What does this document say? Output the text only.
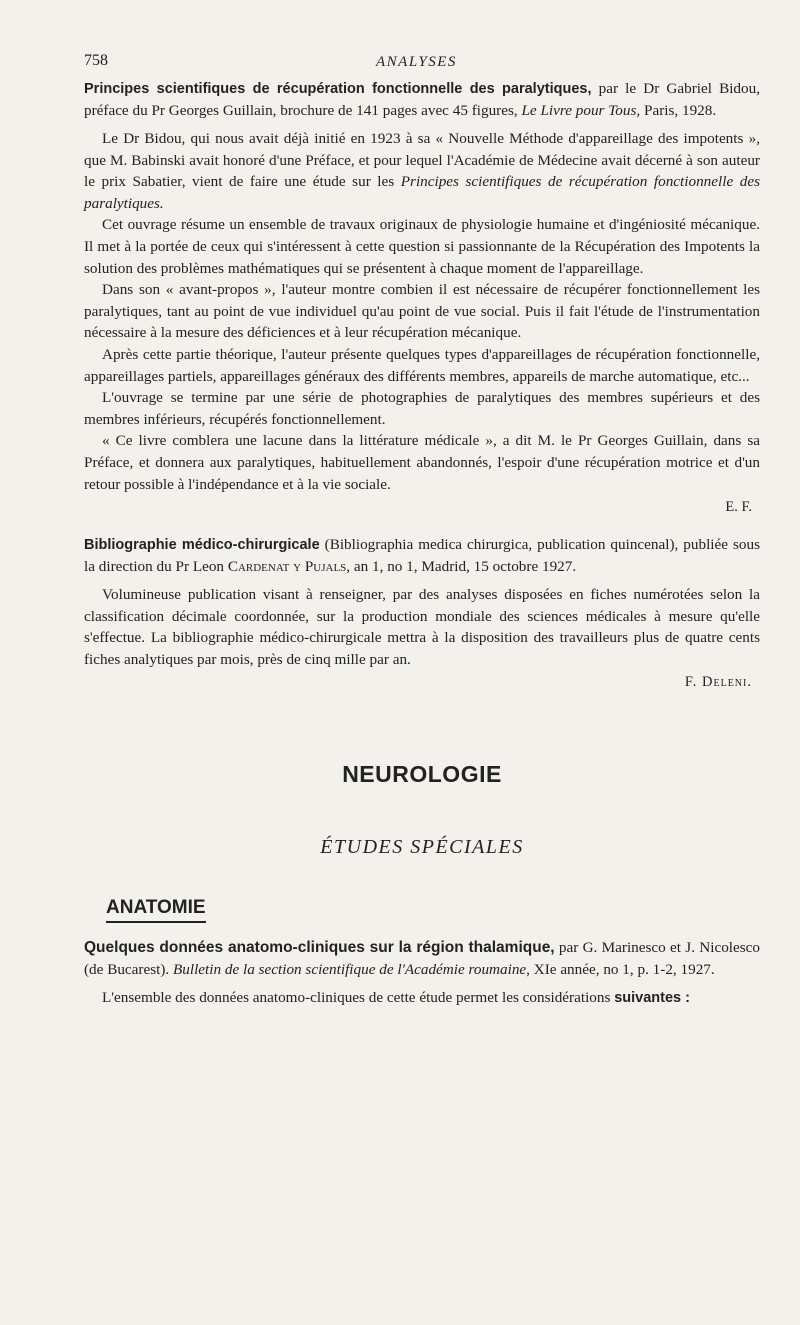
758	ANALYSES

Principes scientifiques de récupération fonctionnelle des paralytiques, par le Dr Gabriel Bidou, préface du Pr Georges Guillain, brochure de 141 pages avec 45 figures, Le Livre pour Tous, Paris, 1928.

Le Dr Bidou, qui nous avait déjà initié en 1923 à sa « Nouvelle Méthode d'appareillage des impotents », que M. Babinski avait honoré d'une Préface, et pour lequel l'Académie de Médecine avait décerné à son auteur le prix Sabatier, vient de faire une étude sur les Principes scientifiques de récupération fonctionnelle des paralytiques.

Cet ouvrage résume un ensemble de travaux originaux de physiologie humaine et d'ingéniosité mécanique. Il met à la portée de ceux qui s'intéressent à cette question si passionnante de la Récupération des Impotents la solution des problèmes mathématiques qui se présentent à chaque moment de l'appareillage.

Dans son « avant-propos », l'auteur montre combien il est nécessaire de récupérer fonctionnellement les paralytiques, tant au point de vue individuel qu'au point de vue social. Puis il fait l'étude de l'instrumentation nécessaire à la mesure des déficiences et à leur récupération mécanique.

Après cette partie théorique, l'auteur présente quelques types d'appareillages de récupération fonctionnelle, appareillages partiels, appareillages généraux des différents membres, appareils de marche automatique, etc...

L'ouvrage se termine par une série de photographies de paralytiques des membres supérieurs et des membres inférieurs, récupérés fonctionnellement.

« Ce livre comblera une lacune dans la littérature médicale », a dit M. le Pr Georges Guillain, dans sa Préface, et donnera aux paralytiques, habituellement abandonnés, l'espoir d'une récupération motrice et d'un retour possible à l'indépendance et à la vie sociale.

E. F.

Bibliographie médico-chirurgicale (Bibliographia medica chirurgica, publication quincenal), publiée sous la direction du Pr Leon Cardenat y Pujals, an 1, no 1, Madrid, 15 octobre 1927.

Volumineuse publication visant à renseigner, par des analyses disposées en fiches numérotées selon la classification décimale coordonnée, sur la production mondiale des sciences médicales à mesure qu'elle s'effectue. La bibliographie médico-chirurgicale mettra à la disposition des travailleurs plus de quatre cents fiches analytiques par mois, près de cinq mille par an.

F. Deleni.
NEUROLOGIE
ÉTUDES SPÉCIALES
ANATOMIE

Quelques données anatomo-cliniques sur la région thalamique, par G. Marinesco et J. Nicolesco (de Bucarest). Bulletin de la section scientifique de l'Académie roumaine, XIe année, no 1, p. 1-2, 1927.

L'ensemble des données anatomo-cliniques de cette étude permet les considérations suivantes :
